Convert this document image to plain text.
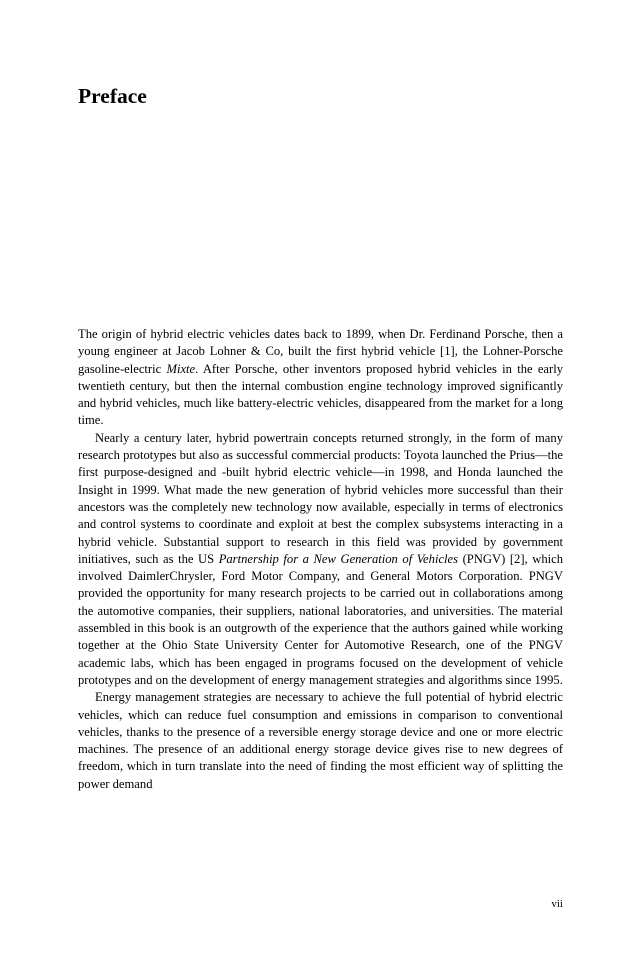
Preface

The origin of hybrid electric vehicles dates back to 1899, when Dr. Ferdinand Porsche, then a young engineer at Jacob Lohner & Co, built the first hybrid vehicle [1], the Lohner-Porsche gasoline-electric Mixte. After Porsche, other inventors proposed hybrid vehicles in the early twentieth century, but then the internal combustion engine technology improved significantly and hybrid vehicles, much like battery-electric vehicles, disappeared from the market for a long time.

Nearly a century later, hybrid powertrain concepts returned strongly, in the form of many research prototypes but also as successful commercial products: Toyota launched the Prius—the first purpose-designed and -built hybrid electric vehicle—in 1998, and Honda launched the Insight in 1999. What made the new generation of hybrid vehicles more successful than their ancestors was the completely new technology now available, especially in terms of electronics and control systems to coordinate and exploit at best the complex subsystems interacting in a hybrid vehicle. Substantial support to research in this field was provided by government initiatives, such as the US Partnership for a New Generation of Vehicles (PNGV) [2], which involved DaimlerChrysler, Ford Motor Company, and General Motors Corporation. PNGV provided the opportunity for many research projects to be carried out in collaborations among the automotive companies, their suppliers, national laboratories, and universities. The material assembled in this book is an outgrowth of the experience that the authors gained while working together at the Ohio State University Center for Automotive Research, one of the PNGV academic labs, which has been engaged in programs focused on the development of vehicle prototypes and on the development of energy management strategies and algorithms since 1995.

Energy management strategies are necessary to achieve the full potential of hybrid electric vehicles, which can reduce fuel consumption and emissions in comparison to conventional vehicles, thanks to the presence of a reversible energy storage device and one or more electric machines. The presence of an additional energy storage device gives rise to new degrees of freedom, which in turn translate into the need of finding the most efficient way of splitting the power demand

vii
